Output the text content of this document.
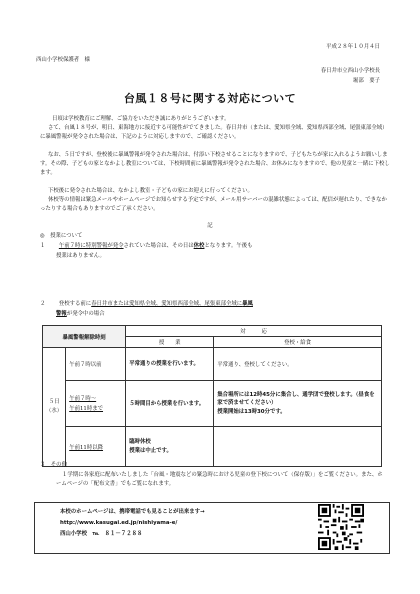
平成２８年１０月４日
西山小学校保護者　様
春日井市立西山小学校長
堀部　要子
台風１８号に関する対応について
日頃は学校教育にご理解、ご協力をいただき誠にありがとうございます。
さて、台風１８号が、明日、東海地方に接近する可能性がでてきました。春日井市（または、愛知県全域、愛知県西部全域、尾張東部全域）に暴風警報が発令された場合は、下記のように対応しますので、ご確認ください。
なお、５日ですが、登校後に暴風警報が発令された場合は、付添い下校させることになりますので、子どもたちが家に入れるようお願いします。その際、子どもの家となかよし教室については、下校時間前に暴風警報が発令された場合、お休みになりますので、他の児童と一緒に下校します。
下校後に発令された場合は、なかよし教室・子どもの家にお迎えに行ってください。
休校等の情報は緊急メールやホームページでお知らせする予定ですが、メール用サーバーの混雑状態によっては、配信が遅れたり、できなかったりする場合もありますのでご了承ください。
記
◎　授業について
１ 午前７時に特別警報が発令されていた場合は、その日は休校となります。午後も
授業はありません。
２ 登校する前に春日井市または愛知県全域、愛知県西部全域、尾張東部全域に暴風
警報が発令中の場合
暴風警報解除時刻		対　　　応	
		授　　業	登校・給食
５日
（水）	午前７時以前	平常通りの授業を行います。	平常通り、登校してください。
	午前７時～
午前11時まで	５時間目から授業を行います。	集合場所には12時45分に集合し、通学団で登校します。（昼食を家で済ませてください）
授業開始は13時30分です。
	午前11時以降	臨時休校
授業は中止です。	
３　その他
１学期に各家庭に配布いたしました「台風・地震などの緊急時における児童の登下校について（保存版）」をご覧ください。また、ホームページの「配布文書」でもご覧になれます。
本校のホームページは、携帯電話でも見ることが出来ます→
http://www.kasugai.ed.jp/nishiyama-e/
西山小学校　℡　８１－７２８８
